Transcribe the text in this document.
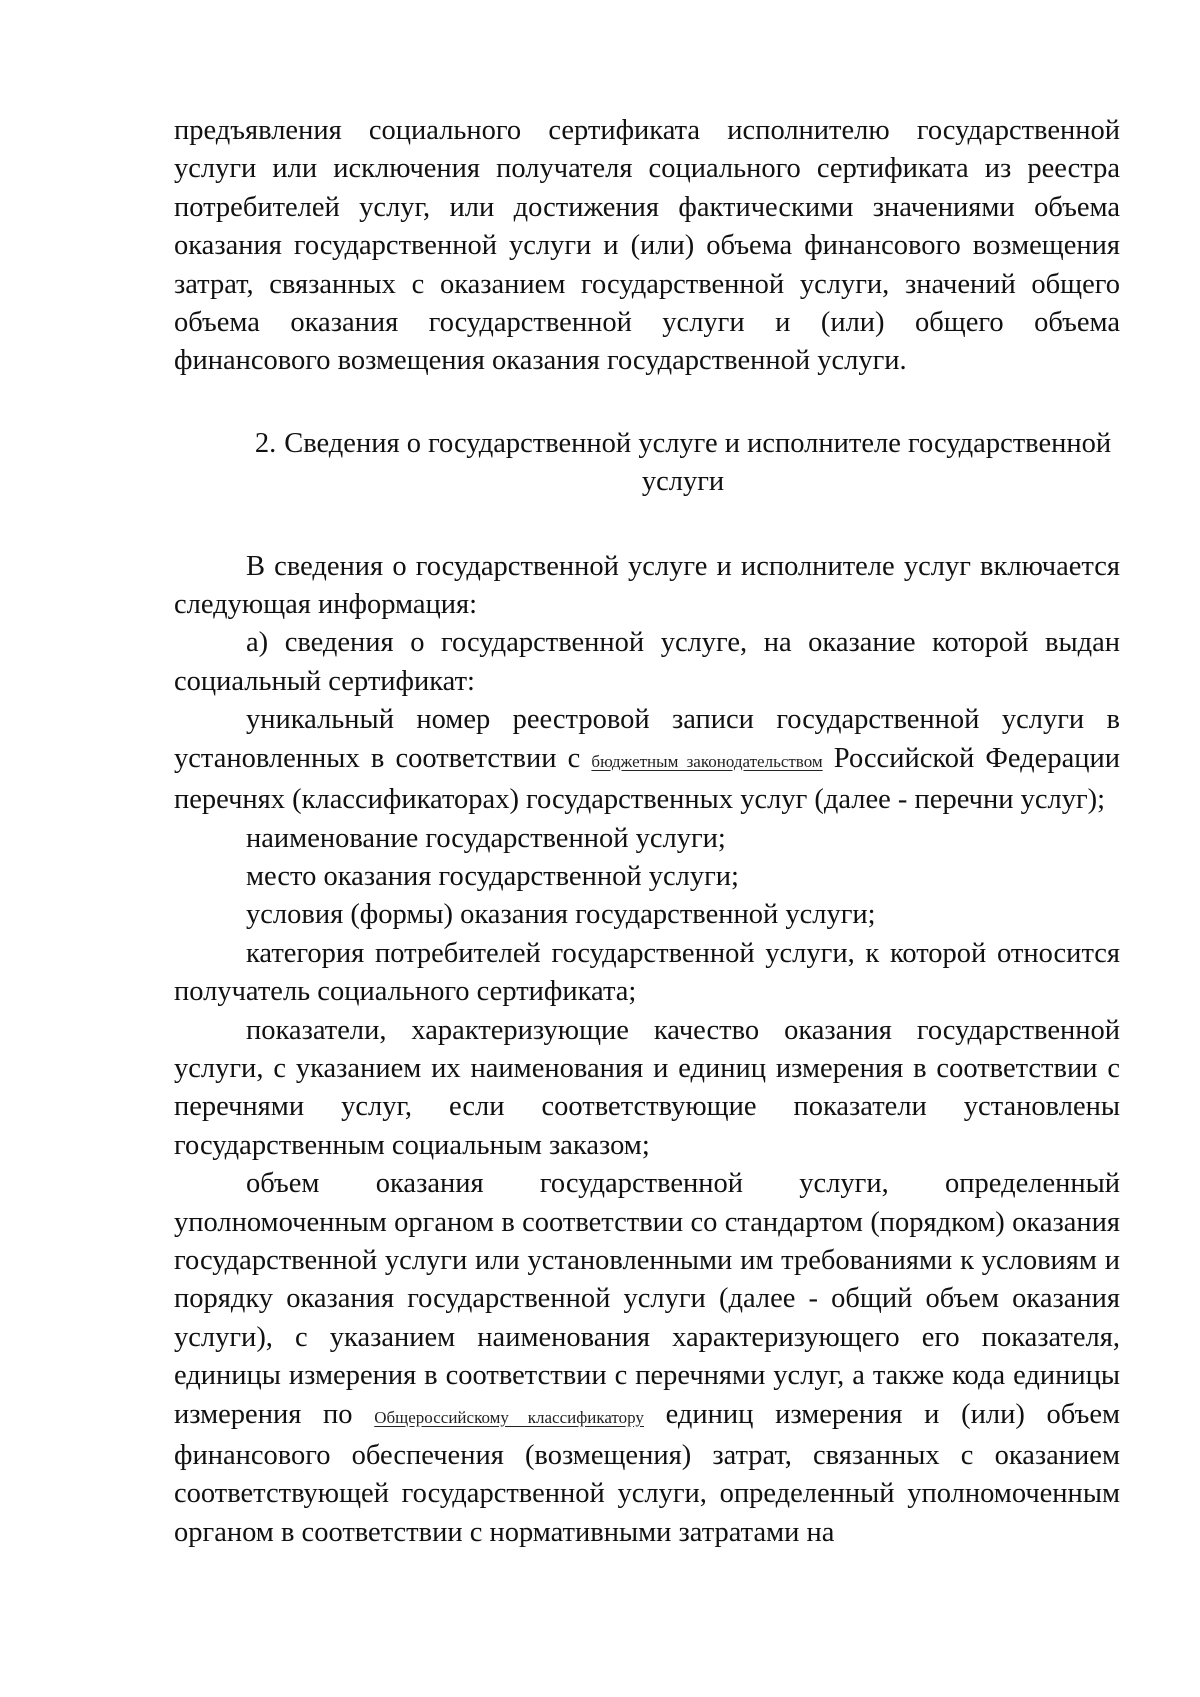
предъявления социального сертификата исполнителю государственной услуги или исключения получателя социального сертификата из реестра потребителей услуг, или достижения фактическими значениями объема оказания государственной услуги и (или) объема финансового возмещения затрат, связанных с оказанием государственной услуги, значений общего объема оказания государственной услуги и (или) общего объема финансового возмещения оказания государственной услуги.

2. Сведения о государственной услуге и исполнителе государственной услуги

В сведения о государственной услуге и исполнителе услуг включается следующая информация:

а) сведения о государственной услуге, на оказание которой выдан социальный сертификат:

уникальный номер реестровой записи государственной услуги в установленных в соответствии с бюджетным законодательством Российской Федерации перечнях (классификаторах) государственных услуг (далее - перечни услуг);

наименование государственной услуги;

место оказания государственной услуги;

условия (формы) оказания государственной услуги;

категория потребителей государственной услуги, к которой относится получатель социального сертификата;

показатели, характеризующие качество оказания государственной услуги, с указанием их наименования и единиц измерения в соответствии с перечнями услуг, если соответствующие показатели установлены государственным социальным заказом;

объем оказания государственной услуги, определенный уполномоченным органом в соответствии со стандартом (порядком) оказания государственной услуги или установленными им требованиями к условиям и порядку оказания государственной услуги (далее - общий объем оказания услуги), с указанием наименования характеризующего его показателя, единицы измерения в соответствии с перечнями услуг, а также кода единицы измерения по Общероссийскому классификатору единиц измерения и (или) объем финансового обеспечения (возмещения) затрат, связанных с оказанием соответствующей государственной услуги, определенный уполномоченным органом в соответствии с нормативными затратами на
